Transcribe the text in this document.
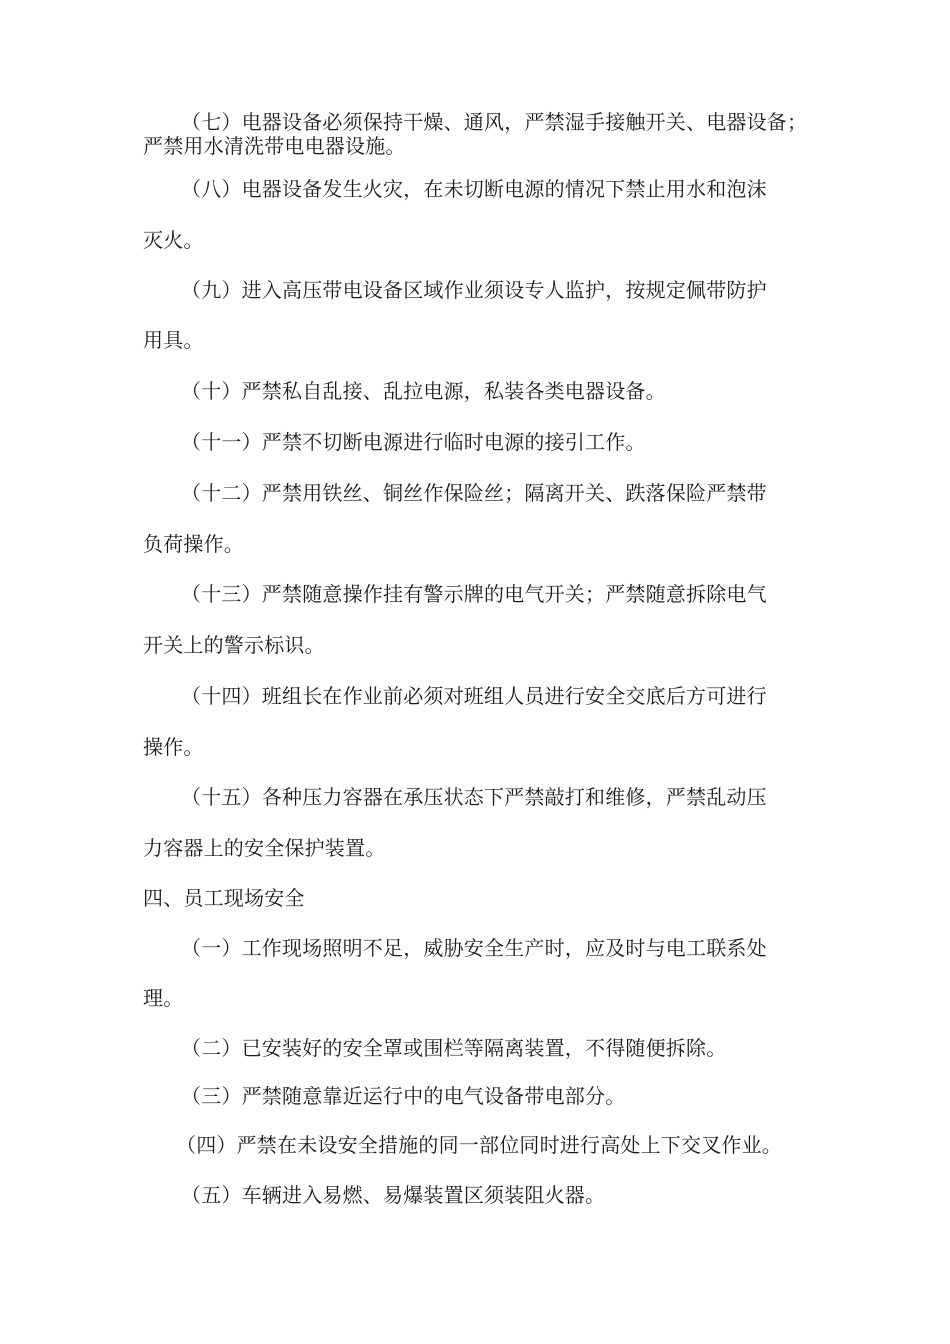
（七）电器设备必须保持干燥、通风，严禁湿手接触开关、电器设备；
严禁用水清洗带电电器设施。
（八）电器设备发生火灾，在未切断电源的情况下禁止用水和泡沫
灭火。
（九）进入高压带电设备区域作业须设专人监护，按规定佩带防护
用具。
（十）严禁私自乱接、乱拉电源，私装各类电器设备。
（十一）严禁不切断电源进行临时电源的接引工作。
（十二）严禁用铁丝、铜丝作保险丝；隔离开关、跌落保险严禁带
负荷操作。
（十三）严禁随意操作挂有警示牌的电气开关；严禁随意拆除电气
开关上的警示标识。
（十四）班组长在作业前必须对班组人员进行安全交底后方可进行
操作。
（十五）各种压力容器在承压状态下严禁敲打和维修，严禁乱动压
力容器上的安全保护装置。
四、员工现场安全
（一）工作现场照明不足，威胁安全生产时，应及时与电工联系处
理。
（二）已安装好的安全罩或围栏等隔离装置，不得随便拆除。
（三）严禁随意靠近运行中的电气设备带电部分。
（四）严禁在未设安全措施的同一部位同时进行高处上下交叉作业。
（五）车辆进入易燃、易爆装置区须装阻火器。
